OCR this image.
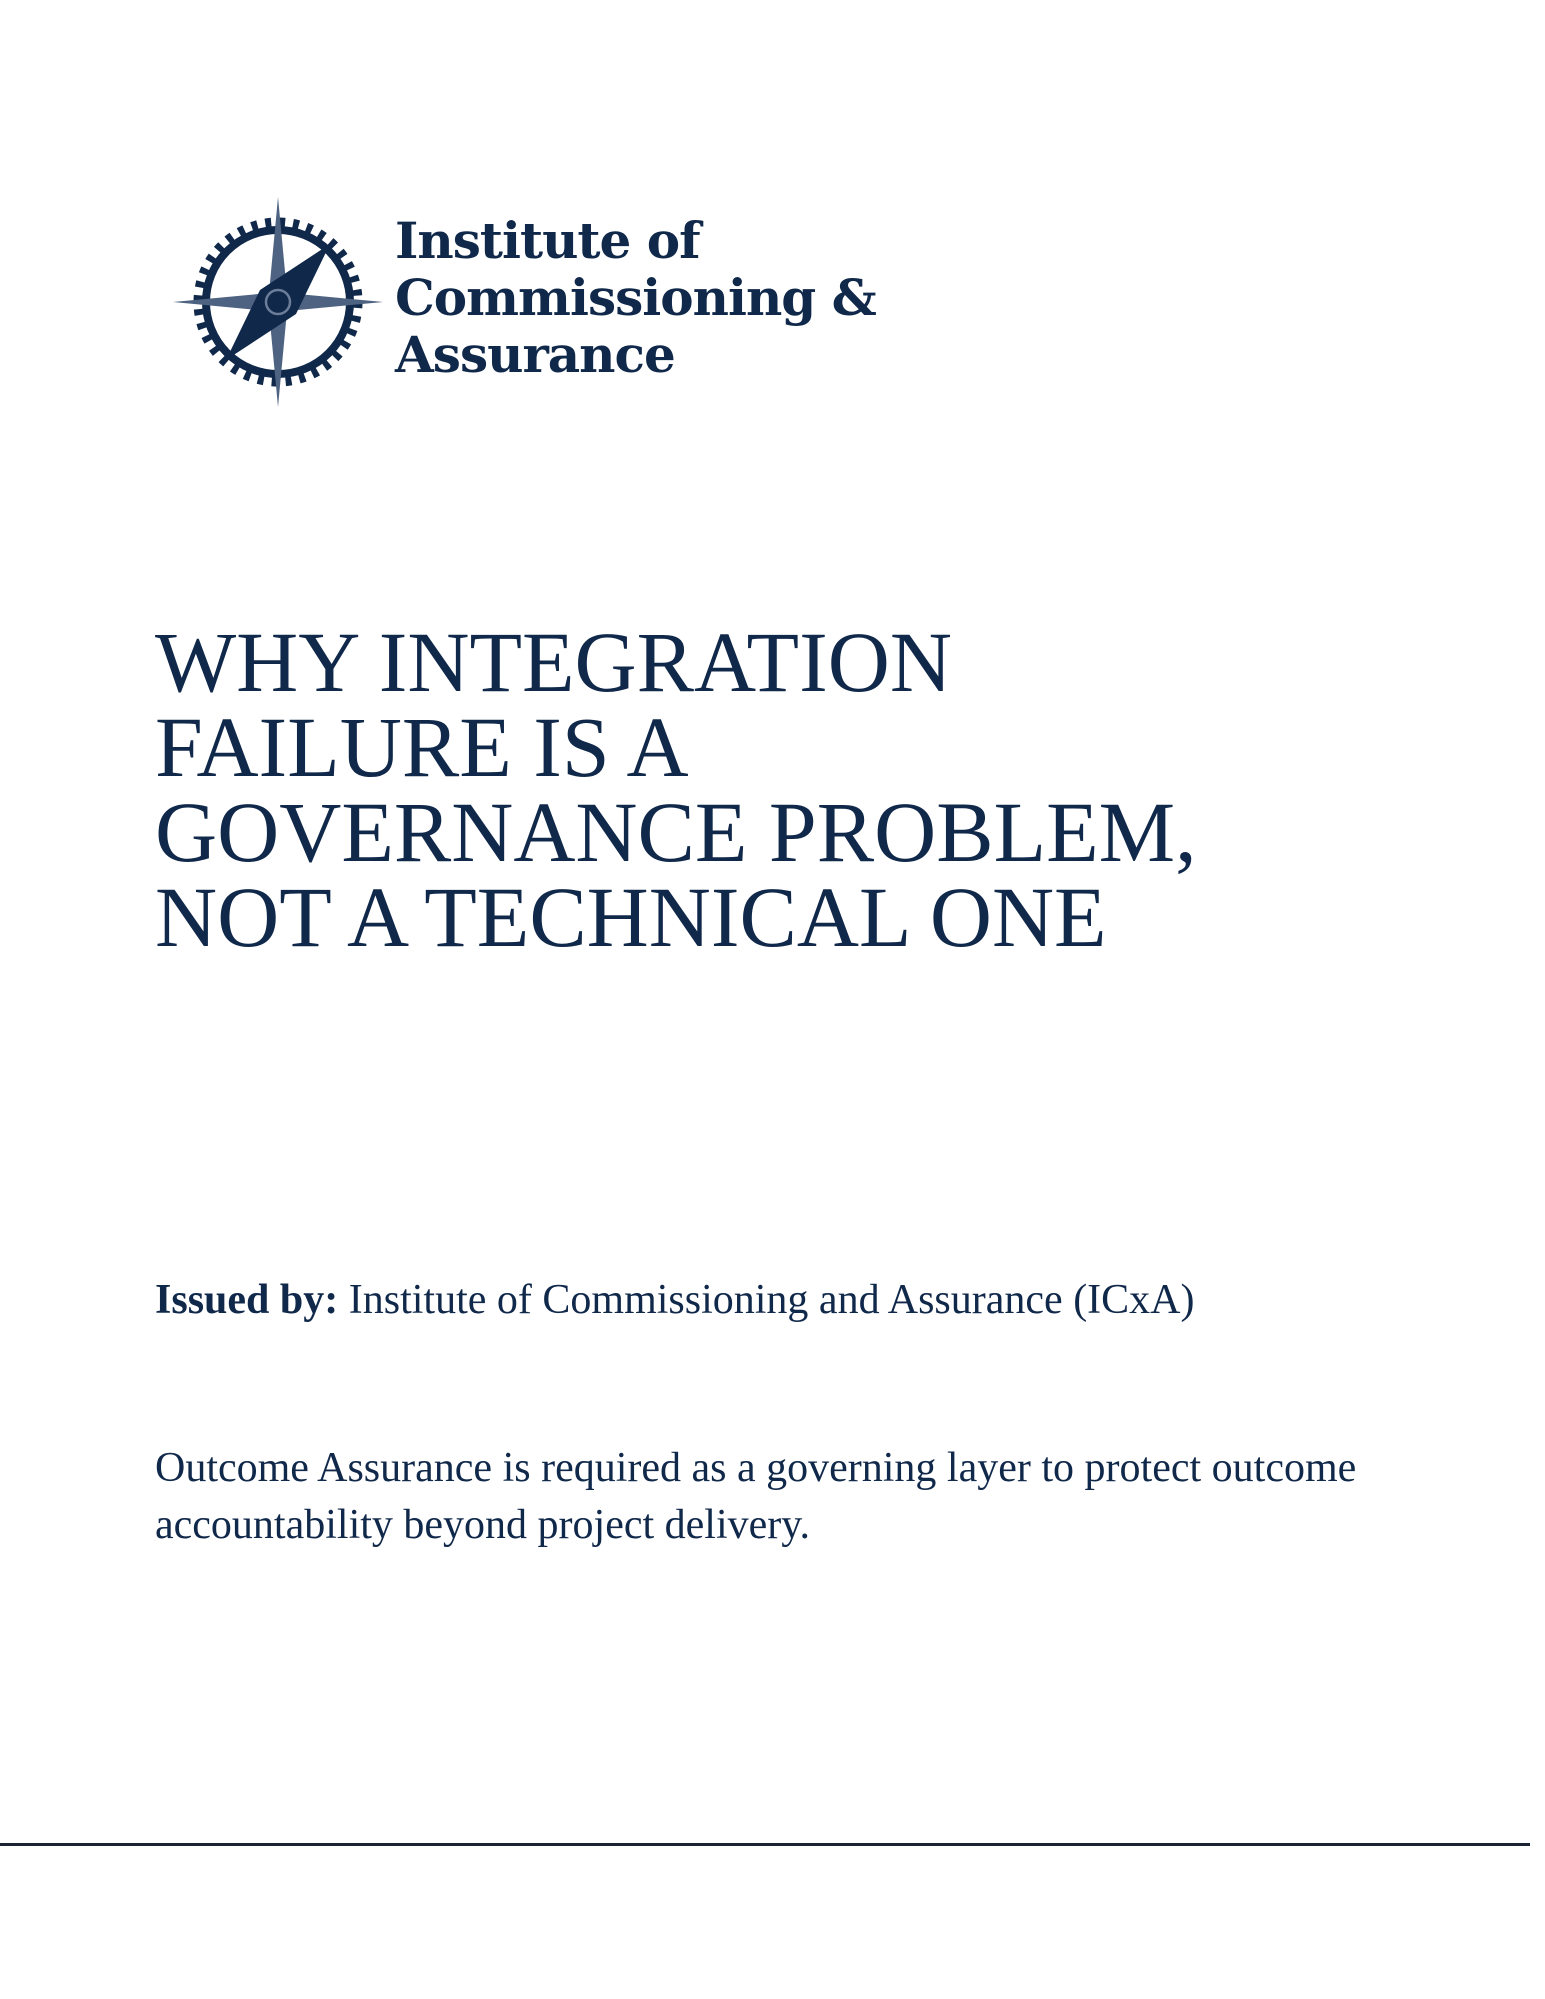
Institute of
Commissioning &
Assurance
WHY INTEGRATION
FAILURE IS A
GOVERNANCE PROBLEM,
NOT A TECHNICAL ONE
Issued by: Institute of Commissioning and Assurance (ICxA)
Outcome Assurance is required as a governing layer to protect outcome accountability beyond project delivery.
